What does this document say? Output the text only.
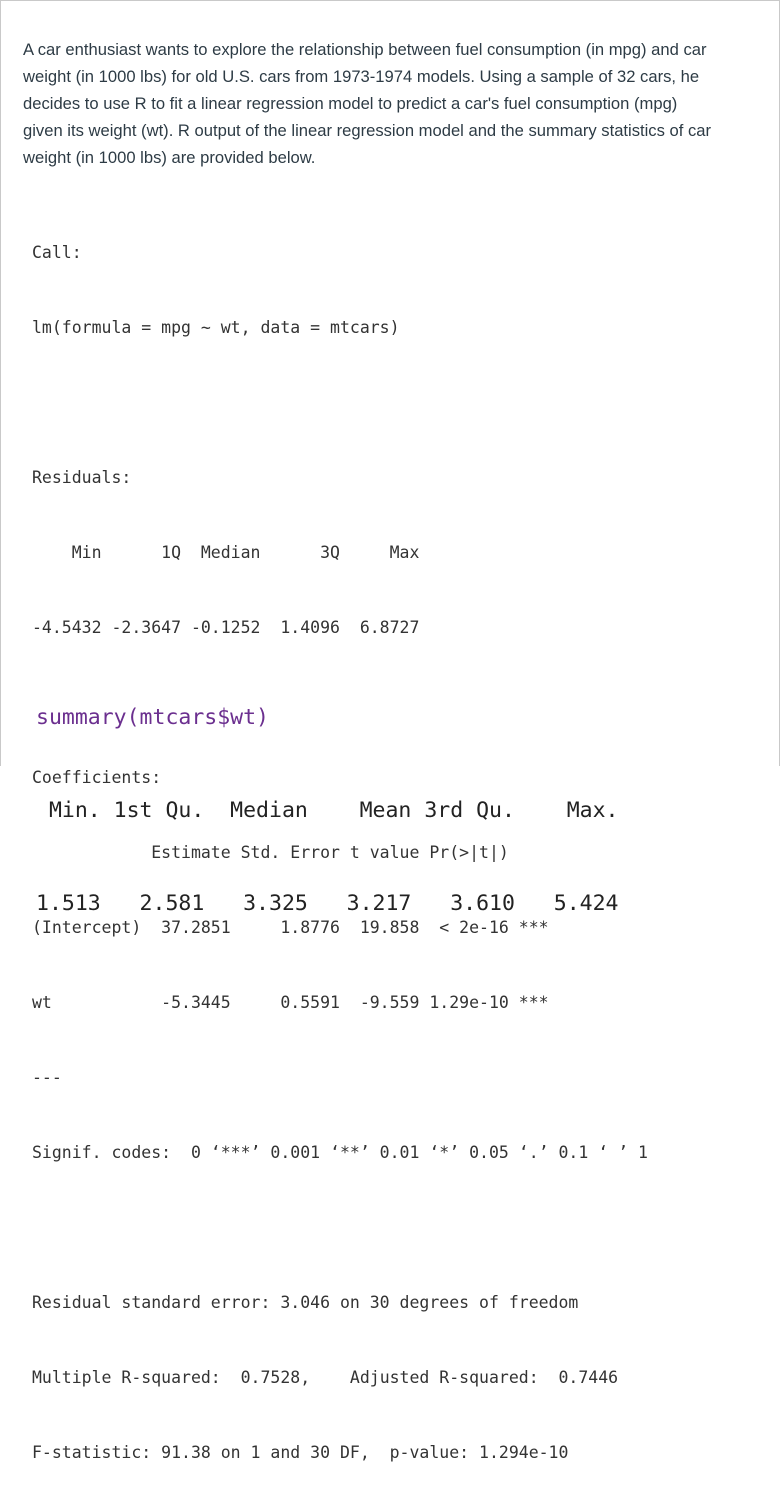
A car enthusiast wants to explore the relationship between fuel consumption (in mpg) and car
weight (in 1000 lbs) for old U.S. cars from 1973-1974 models. Using a sample of 32 cars, he
decides to use R to fit a linear regression model to predict a car's fuel consumption (mpg)
given its weight (wt). R output of the linear regression model and the summary statistics of car
weight (in 1000 lbs) are provided below.

Call:

lm(formula = mpg ~ wt, data = mtcars)

Residuals:

Min      1Q  Median      3Q     Max

-4.5432 -2.3647 -0.1252  1.4096  6.8727

Coefficients:

Estimate Std. Error t value Pr(>|t|)

(Intercept)  37.2851     1.8776  19.858  < 2e-16 ***

wt           -5.3445     0.5591  -9.559 1.29e-10 ***

---

Signif. codes:  0 ‘***’ 0.001 ‘**’ 0.01 ‘*’ 0.05 ‘.’ 0.1 ‘ ’ 1

Residual standard error: 3.046 on 30 degrees of freedom

Multiple R-squared:  0.7528,	Adjusted R-squared:  0.7446

F-statistic: 91.38 on 1 and 30 DF,  p-value: 1.294e-10

summary(mtcars$wt)

Min. 1st Qu.  Median    Mean 3rd Qu.    Max.

1.513   2.581   3.325   3.217   3.610   5.424
